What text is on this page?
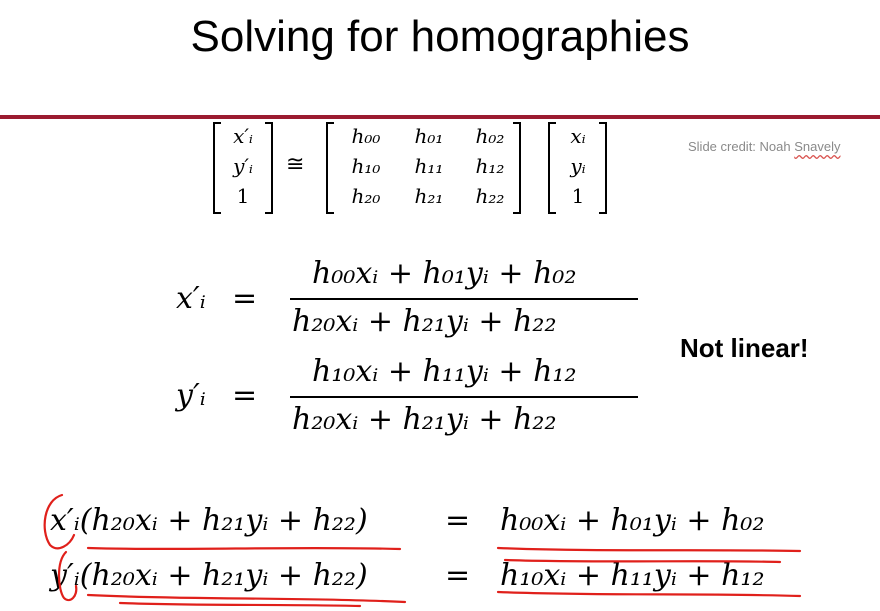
Solving for homographies
Slide credit: Noah Snavely
x′ᵢ
y′ᵢ
1
≅
h₀₀	h₀₁	h₀₂
h₁₀	h₁₁	h₁₂
h₂₀	h₂₁	h₂₂
xᵢ
yᵢ
1
x′ᵢ =
h₀₀xᵢ + h₀₁yᵢ + h₀₂
h₂₀xᵢ + h₂₁yᵢ + h₂₂
y′ᵢ =
h₁₀xᵢ + h₁₁yᵢ + h₁₂
h₂₀xᵢ + h₂₁yᵢ + h₂₂
Not linear!
x′ᵢ(h₂₀xᵢ + h₂₁yᵢ + h₂₂)	= h₀₀xᵢ + h₀₁yᵢ + h₀₂
y′ᵢ(h₂₀xᵢ + h₂₁yᵢ + h₂₂)	= h₁₀xᵢ + h₁₁yᵢ + h₁₂
